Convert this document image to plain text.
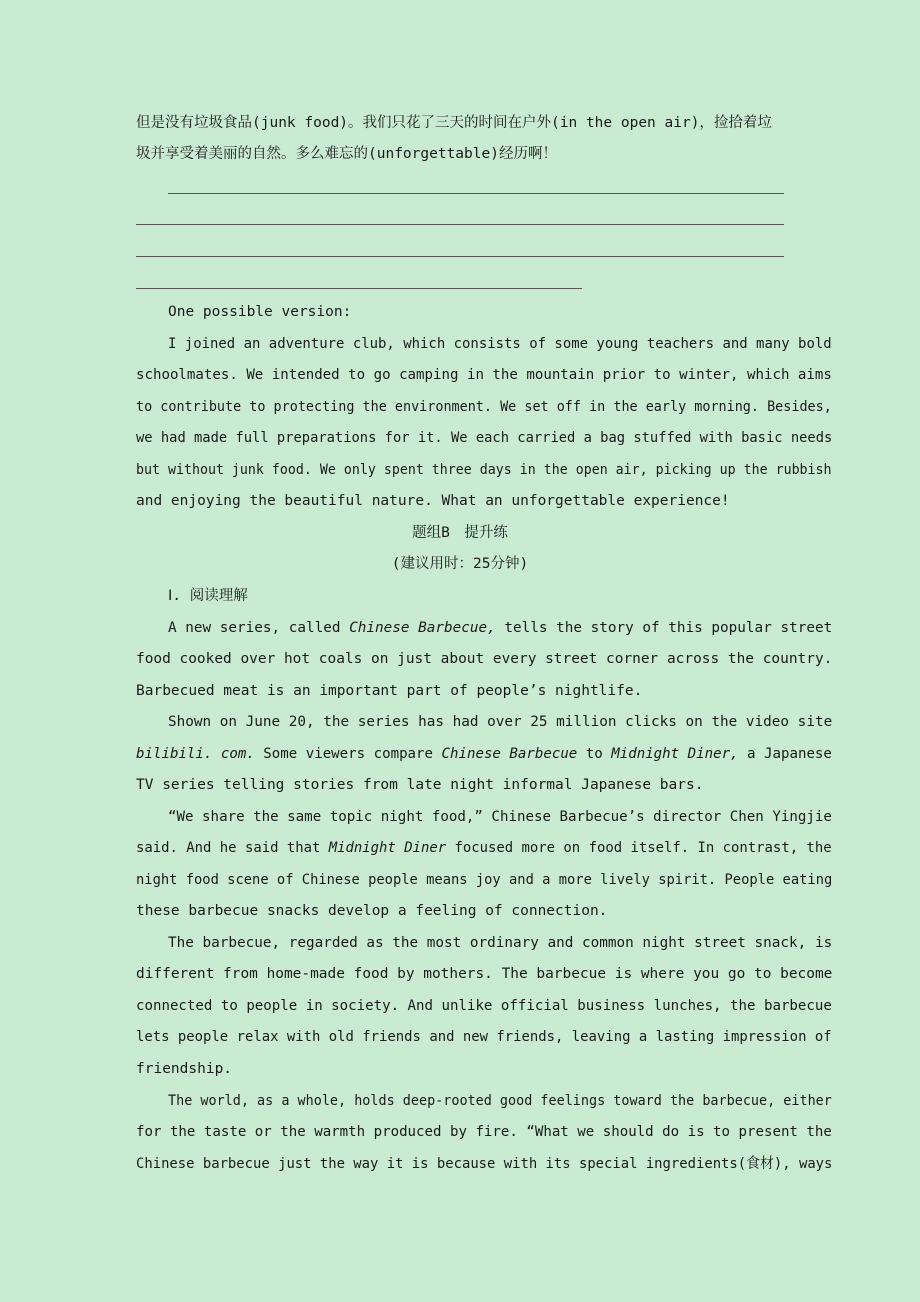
但是没有垃圾食品(junk food)。我们只花了三天的时间在户外(in the open air)，捡拾着垃
圾并享受着美丽的自然。多么难忘的(unforgettable)经历啊！
One possible version:
I joined an adventure club, which consists of some young teachers and many bold
schoolmates. We intended to go camping in the mountain prior to winter, which aims
to contribute to protecting the environment. We set off in the early morning. Besides,
we had made full preparations for it. We each carried a bag stuffed with basic needs
but without junk food. We only spent three days in the open air, picking up the rubbish
and enjoying the beautiful nature. What an unforgettable experience!
题组B　提升练
(建议用时：25分钟)
Ⅰ. 阅读理解
A new series, called Chinese Barbecue, tells the story of this popular street
food cooked over hot coals on just about every street corner across the country.
Barbecued meat is an important part of people’s nightlife.
Shown on June 20, the series has had over 25 million clicks on the video site
bilibili. com. Some viewers compare Chinese Barbecue to Midnight Diner, a Japanese
TV series telling stories from late night informal Japanese bars.
“We share the same topic night food,” Chinese Barbecue’s director Chen Yingjie
said. And he said that Midnight Diner focused more on food itself. In contrast, the
night food scene of Chinese people means joy and a more lively spirit. People eating
these barbecue snacks develop a feeling of connection.
The barbecue, regarded as the most ordinary and common night street snack, is
different from home-made food by mothers. The barbecue is where you go to become
connected to people in society. And unlike official business lunches, the barbecue
lets people relax with old friends and new friends, leaving a lasting impression of
friendship.
The world, as a whole, holds deep-rooted good feelings toward the barbecue, either
for the taste or the warmth produced by fire. “What we should do is to present the
Chinese barbecue just the way it is because with its special ingredients(食材), ways
